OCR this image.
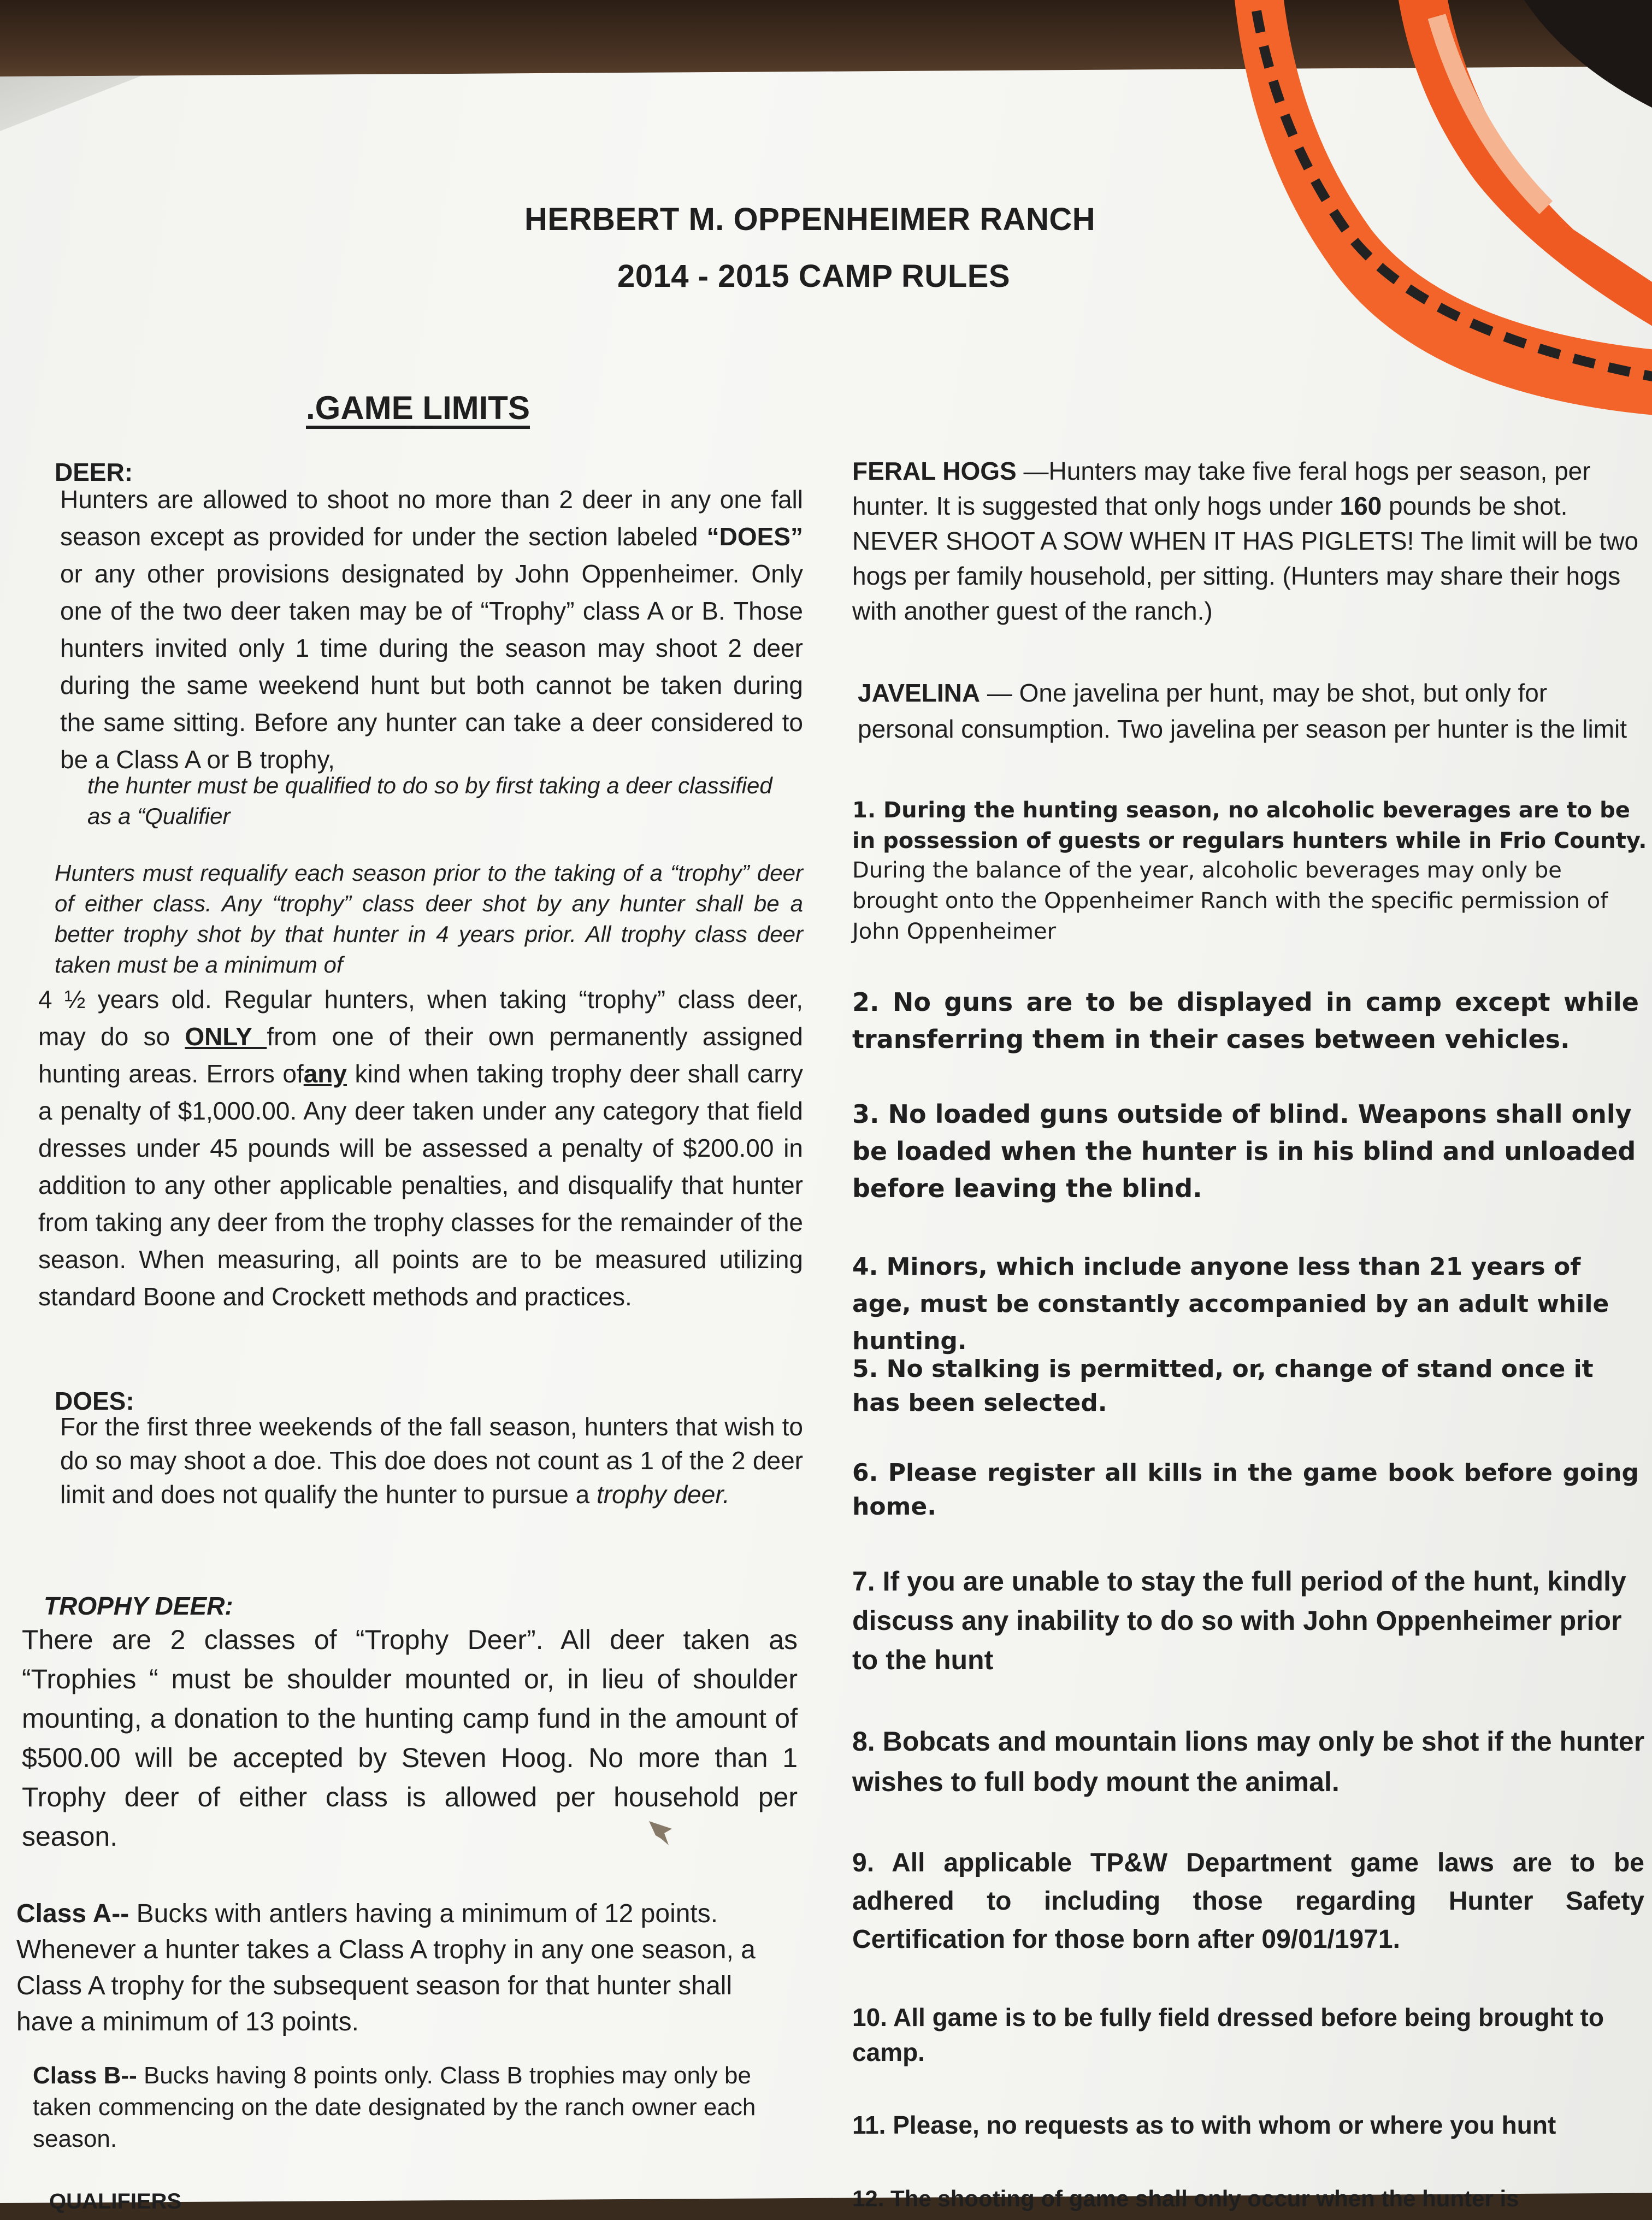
HERBERT M. OPPENHEIMER RANCH
2014 - 2015 CAMP RULES
.GAME LIMITS
DEER:

Hunters are allowed to shoot no more than 2 deer in any one fall season except as provided for under the section labeled “DOES” or any other provisions designated by John Oppenheimer. Only one of the two deer taken may be of “Trophy” class A or B. Those hunters invited only 1 time during the season may shoot 2 deer during the same weekend hunt but both cannot be taken during the same sitting. Before any hunter can take a deer considered to be a Class A or B trophy,

the hunter must be qualified to do so by first taking a deer classified as a “Qualifier

Hunters must requalify each season prior to the taking of a “trophy” deer of either class. Any “trophy” class deer shot by any hunter shall be a better trophy shot by that hunter in 4 years prior. All trophy class deer taken must be a minimum of

4 ½ years old. Regular hunters, when taking “trophy” class deer, may do so ONLY from one of their own permanently assigned hunting areas. Errors ofany kind when taking trophy deer shall carry a penalty of $1,000.00. Any deer taken under any category that field dresses under 45 pounds will be assessed a penalty of $200.00 in addition to any other applicable penalties, and disqualify that hunter from taking any deer from the trophy classes for the remainder of the season. When measuring, all points are to be measured utilizing standard Boone and Crockett methods and practices.

DOES:

For the first three weekends of the fall season, hunters that wish to do so may shoot a doe. This doe does not count as 1 of the 2 deer limit and does not qualify the hunter to pursue a trophy deer.

TROPHY DEER:

There are 2 classes of “Trophy Deer”. All deer taken as “Trophies “ must be shoulder mounted or, in lieu of shoulder mounting, a donation to the hunting camp fund in the amount of $500.00 will be accepted by Steven Hoog. No more than 1 Trophy deer of either class is allowed per household per season.

Class A-- Bucks with antlers having a minimum of 12 points. Whenever a hunter takes a Class A trophy in any one season, a Class A trophy for the subsequent season for that hunter shall have a minimum of 13 points.

Class B-- Bucks having 8 points only. Class B trophies may only be taken commencing on the date designated by the ranch owner each season.

QUALIFIERS

FERAL HOGS —Hunters may take five feral hogs per season, per hunter. It is suggested that only hogs under 160 pounds be shot. NEVER SHOOT A SOW WHEN IT HAS PIGLETS! The limit will be two hogs per family household, per sitting. (Hunters may share their hogs with another guest of the ranch.)

JAVELINA — One javelina per hunt, may be shot, but only for personal consumption. Two javelina per season per hunter is the limit

1. During the hunting season, no alcoholic beverages are to be in possession of guests or regulars hunters while in Frio County.

During the balance of the year, alcoholic beverages may only be brought onto the Oppenheimer Ranch with the specific permission of John Oppenheimer

2. No guns are to be displayed in camp except while transferring them in their cases between vehicles.

3. No loaded guns outside of blind. Weapons shall only be loaded when the hunter is in his blind and unloaded before leaving the blind.

4. Minors, which include anyone less than 21 years of age, must be constantly accompanied by an adult while hunting.

5. No stalking is permitted, or, change of stand once it has been selected.

6. Please register all kills in the game book before going home.

7. If you are unable to stay the full period of the hunt, kindly discuss any inability to do so with John Oppenheimer prior to the hunt

8. Bobcats and mountain lions may only be shot if the hunter wishes to full body mount the animal.

9. All applicable TP&W Department game laws are to be adhered to including those regarding Hunter Safety Certification for those born after 09/01/1971.

10. All game is to be fully field dressed before being brought to camp.

11. Please, no requests as to with whom or where you hunt

12. The shooting of game shall only occur when the hunter is
